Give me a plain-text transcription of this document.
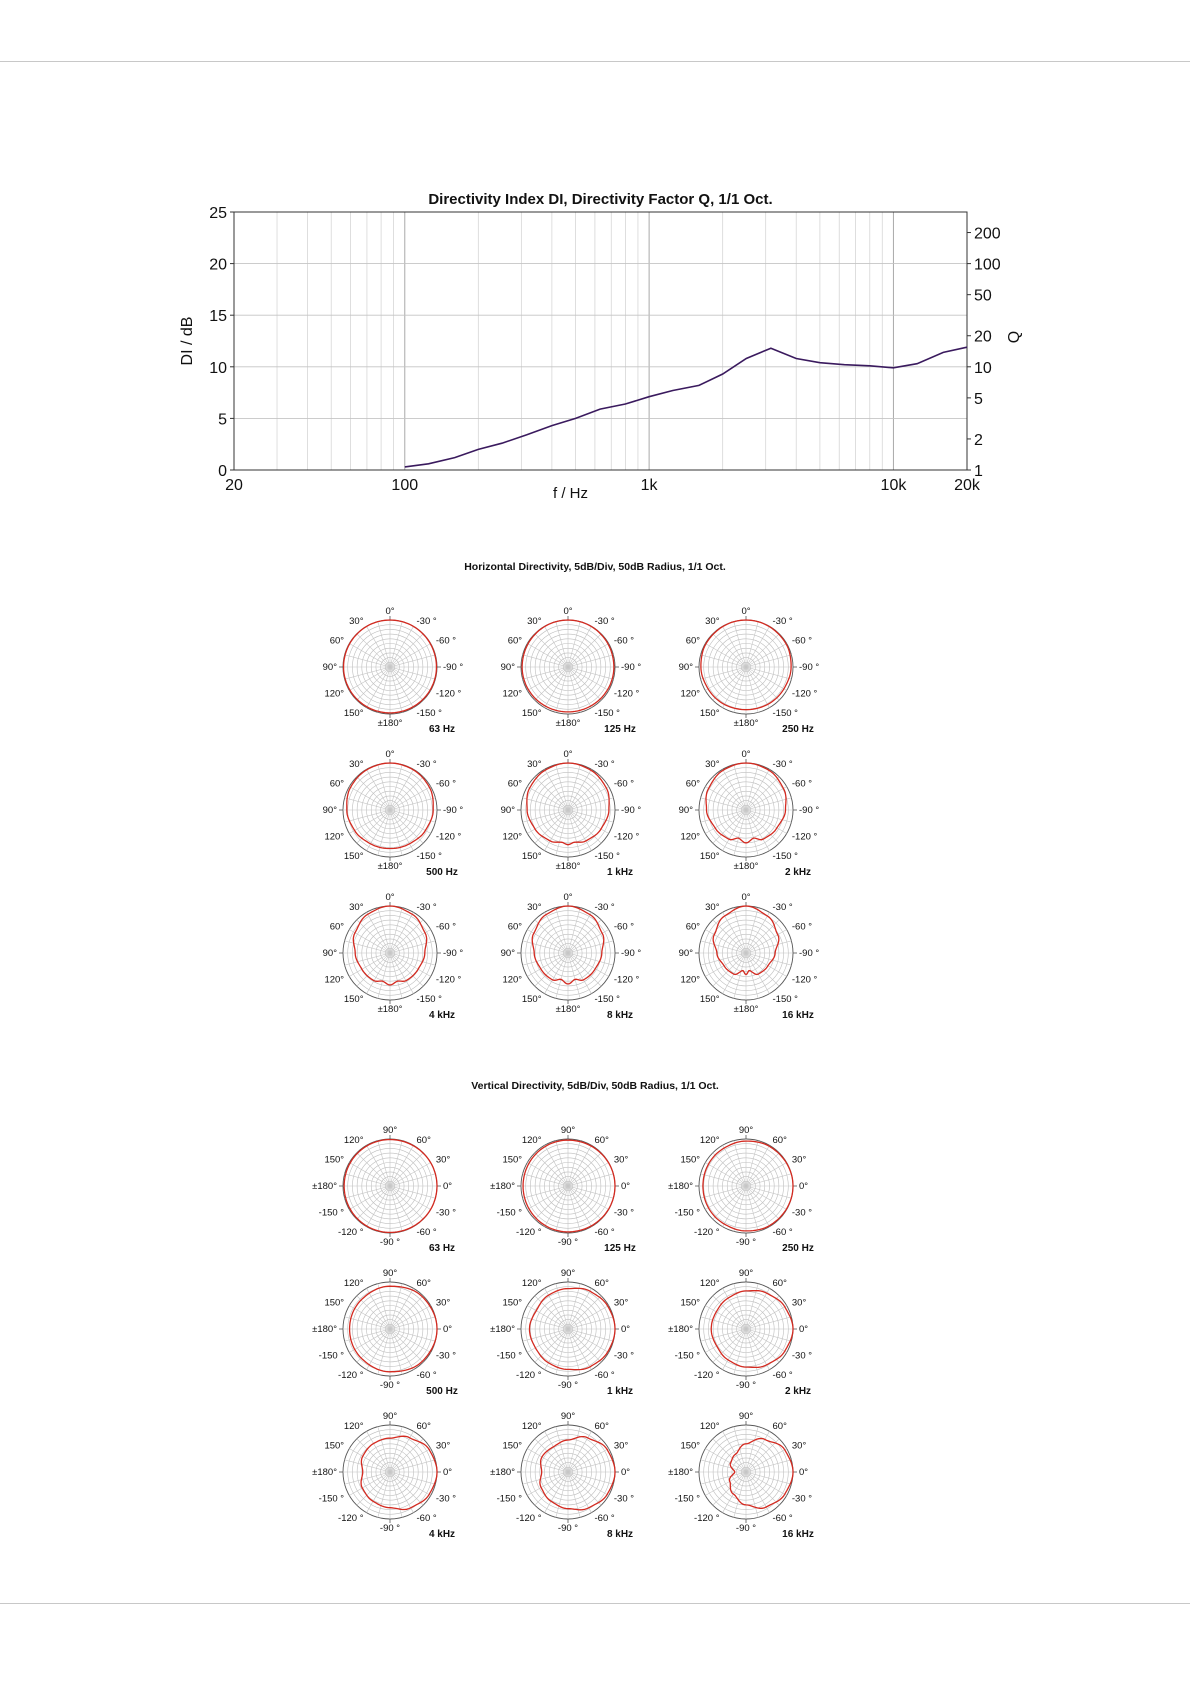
Directivity Index DI, Directivity Factor Q, 1/1 Oct.
0
5
10
15
20
25
20	100	1k	10k	20k
1
2
5
10
20
50
100
200
f / Hz
DI / dB	Q
Horizontal Directivity, 5dB/Div, 50dB Radius, 1/1 Oct.
0°
30°	-30 °
60°	-60 °
90°	-90 °
120°	-120 °
150°	-150 °
±180°
63 Hz
0°
30°	-30 °
60°	-60 °
90°	-90 °
120°	-120 °
150°	-150 °
±180°
125 Hz
0°
30°	-30 °
60°	-60 °
90°	-90 °
120°	-120 °
150°	-150 °
±180°
250 Hz
0°
30°	-30 °
60°	-60 °
90°	-90 °
120°	-120 °
150°	-150 °
±180°
500 Hz
0°
30°	-30 °
60°	-60 °
90°	-90 °
120°	-120 °
150°	-150 °
±180°
1 kHz
0°
30°	-30 °
60°	-60 °
90°	-90 °
120°	-120 °
150°	-150 °
±180°
2 kHz
0°
30°	-30 °
60°	-60 °
90°	-90 °
120°	-120 °
150°	-150 °
±180°
4 kHz
0°
30°	-30 °
60°	-60 °
90°	-90 °
120°	-120 °
150°	-150 °
±180°
8 kHz
0°
30°	-30 °
60°	-60 °
90°	-90 °
120°	-120 °
150°	-150 °
±180°
16 kHz
Vertical Directivity, 5dB/Div, 50dB Radius, 1/1 Oct.
90°
120°	60°
150°	30°
±180°	0°
-150 °	-30 °
-120 °	-60 °
-90 °
63 Hz
90°
120°	60°
150°	30°
±180°	0°
-150 °	-30 °
-120 °	-60 °
-90 °
125 Hz
90°
120°	60°
150°	30°
±180°	0°
-150 °	-30 °
-120 °	-60 °
-90 °
250 Hz
90°
120°	60°
150°	30°
±180°	0°
-150 °	-30 °
-120 °	-60 °
-90 °
500 Hz
90°
120°	60°
150°	30°
±180°	0°
-150 °	-30 °
-120 °	-60 °
-90 °
1 kHz
90°
120°	60°
150°	30°
±180°	0°
-150 °	-30 °
-120 °	-60 °
-90 °
2 kHz
90°
120°	60°
150°	30°
±180°	0°
-150 °	-30 °
-120 °	-60 °
-90 °
4 kHz
90°
120°	60°
150°	30°
±180°	0°
-150 °	-30 °
-120 °	-60 °
-90 °
8 kHz
90°
120°	60°
150°	30°
±180°	0°
-150 °	-30 °
-120 °	-60 °
-90 °
16 kHz
